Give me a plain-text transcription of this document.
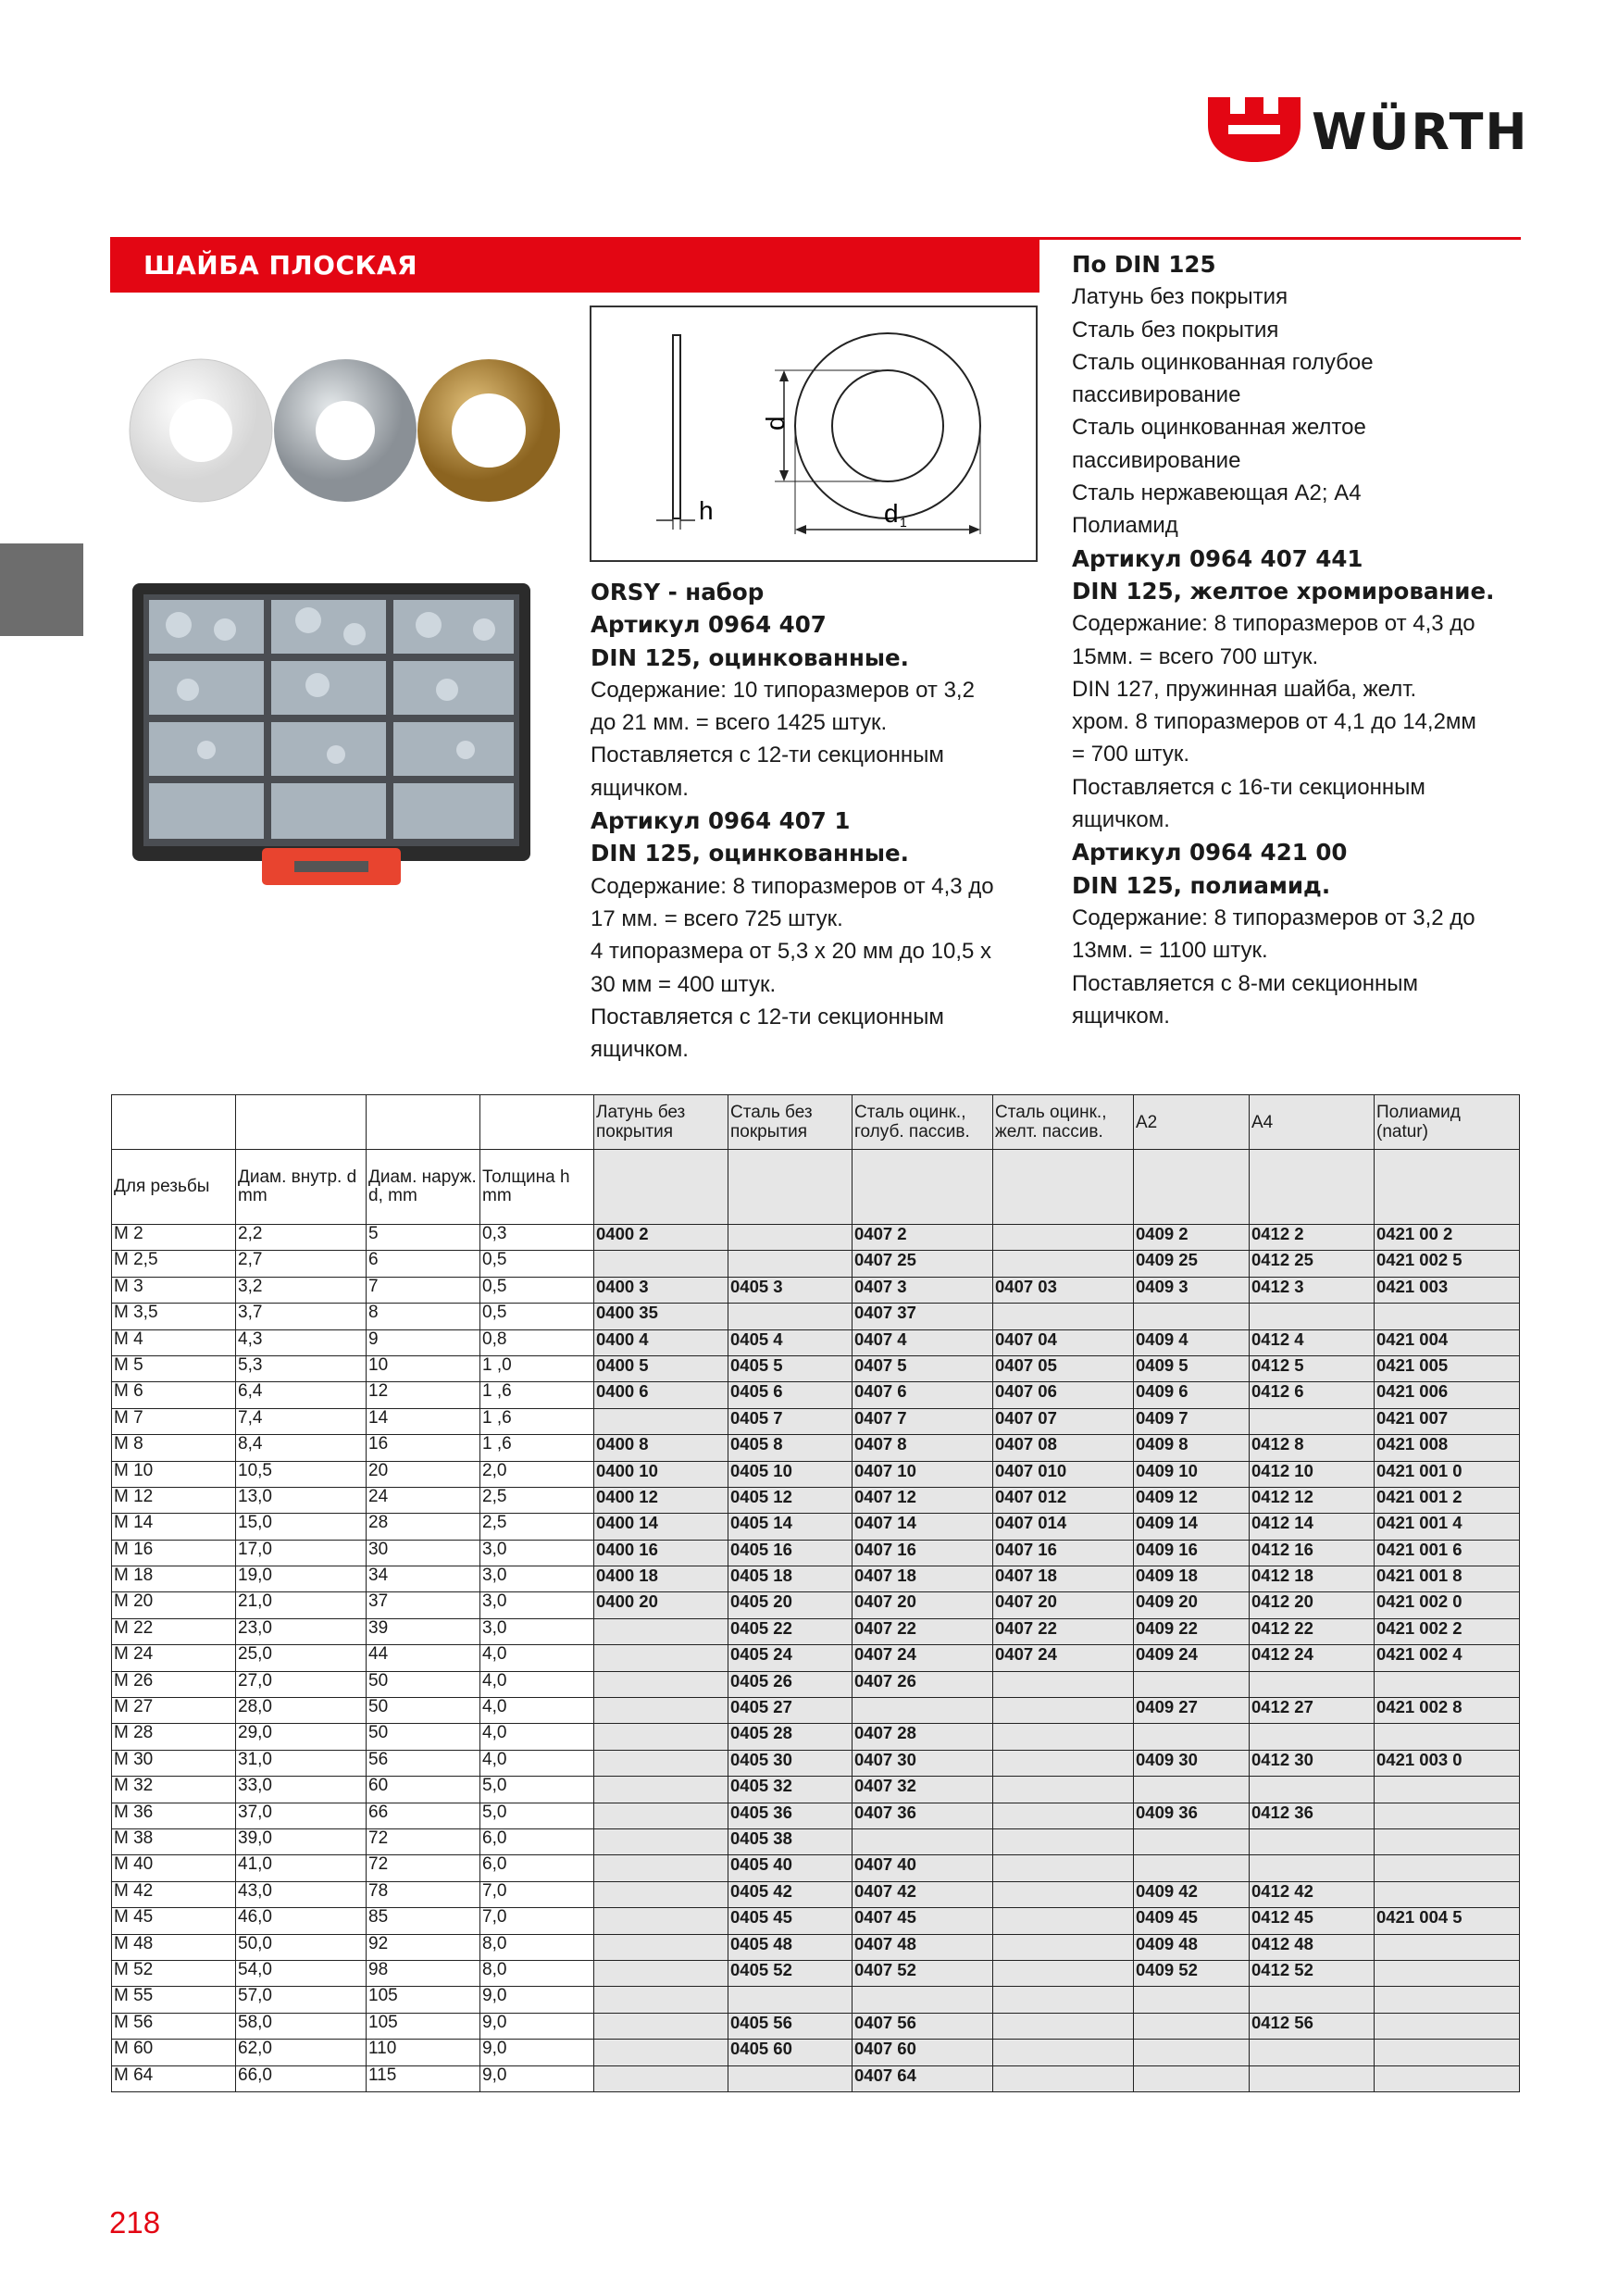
WÜRTH
ШАЙБА ПЛОСКАЯ
h
d
d 1
ORSY - набор
Артикул 0964 407
DIN 125, оцинкованные.
Содержание: 10 типоразмеров от 3,2
до 21 мм. = всего 1425 штук.
Поставляется с 12-ти секционным
ящичком.
Артикул 0964 407 1
DIN 125, оцинкованные.
Содержание: 8 типоразмеров от 4,3 до
17 мм. = всего 725 штук.
4 типоразмера от 5,3 х 20 мм до 10,5 х
30 мм = 400 штук.
Поставляется с 12-ти секционным
ящичком.
По DIN 125
Латунь без покрытия
Сталь без покрытия
Сталь оцинкованная голубое
пассивирование
Сталь оцинкованная желтое
пассивирование
Сталь нержавеющая А2; А4
Полиамид
Артикул 0964 407 441
DIN 125, желтое хромирование.
Содержание: 8 типоразмеров от 4,3 до
15мм. = всего 700 штук.
DIN 127, пружинная шайба, желт.
хром. 8 типоразмеров от 4,1 до 14,2мм
= 700 штук.
Поставляется с 16-ти секционным
ящичком.
Артикул 0964 421 00
DIN 125, полиамид.
Содержание: 8 типоразмеров от 3,2 до
13мм. = 1100 штук.
Поставляется с 8-ми секционным
ящичком.
				Латунь без покрытия	Сталь без покрытия	Сталь оцинк., голуб. пассив.	Сталь оцинк., желт. пассив.	A2	A4	Полиамид (natur)
Для резьбы	Диам. внутр. d mm	Диам. наруж. d, mm	Толщина h mm							
M 2	2,2	5	0,3	0400 2		0407 2		0409 2	0412 2	0421 00 2
M 2,5	2,7	6	0,5			0407 25		0409 25	0412 25	0421 002 5
M 3	3,2	7	0,5	0400 3	0405 3	0407 3	0407 03	0409 3	0412 3	0421 003
M 3,5	3,7	8	0,5	0400 35		0407 37				
M 4	4,3	9	0,8	0400 4	0405 4	0407 4	0407 04	0409 4	0412 4	0421 004
M 5	5,3	10	1 ,0	0400 5	0405 5	0407 5	0407 05	0409 5	0412 5	0421 005
M 6	6,4	12	1 ,6	0400 6	0405 6	0407 6	0407 06	0409 6	0412 6	0421 006
M 7	7,4	14	1 ,6		0405 7	0407 7	0407 07	0409 7		0421 007
M 8	8,4	16	1 ,6	0400 8	0405 8	0407 8	0407 08	0409 8	0412 8	0421 008
M 10	10,5	20	2,0	0400 10	0405 10	0407 10	0407 010	0409 10	0412 10	0421 001 0
M 12	13,0	24	2,5	0400 12	0405 12	0407 12	0407 012	0409 12	0412 12	0421 001 2
M 14	15,0	28	2,5	0400 14	0405 14	0407 14	0407 014	0409 14	0412 14	0421 001 4
M 16	17,0	30	3,0	0400 16	0405 16	0407 16	0407 16	0409 16	0412 16	0421 001 6
M 18	19,0	34	3,0	0400 18	0405 18	0407 18	0407 18	0409 18	0412 18	0421 001 8
M 20	21,0	37	3,0	0400 20	0405 20	0407 20	0407 20	0409 20	0412 20	0421 002 0
M 22	23,0	39	3,0		0405 22	0407 22	0407 22	0409 22	0412 22	0421 002 2
M 24	25,0	44	4,0		0405 24	0407 24	0407 24	0409 24	0412 24	0421 002 4
M 26	27,0	50	4,0		0405 26	0407 26				
M 27	28,0	50	4,0		0405 27			0409 27	0412 27	0421 002 8
M 28	29,0	50	4,0		0405 28	0407 28				
M 30	31,0	56	4,0		0405 30	0407 30		0409 30	0412 30	0421 003 0
M 32	33,0	60	5,0		0405 32	0407 32				
M 36	37,0	66	5,0		0405 36	0407 36		0409 36	0412 36	
M 38	39,0	72	6,0		0405 38					
M 40	41,0	72	6,0		0405 40	0407 40				
M 42	43,0	78	7,0		0405 42	0407 42		0409 42	0412 42	
M 45	46,0	85	7,0		0405 45	0407 45		0409 45	0412 45	0421 004 5
M 48	50,0	92	8,0		0405 48	0407 48		0409 48	0412 48	
M 52	54,0	98	8,0		0405 52	0407 52		0409 52	0412 52	
M 55	57,0	105	9,0							
M 56	58,0	105	9,0		0405 56	0407 56			0412 56	
M 60	62,0	110	9,0		0405 60	0407 60				
M 64	66,0	115	9,0			0407 64				
218
